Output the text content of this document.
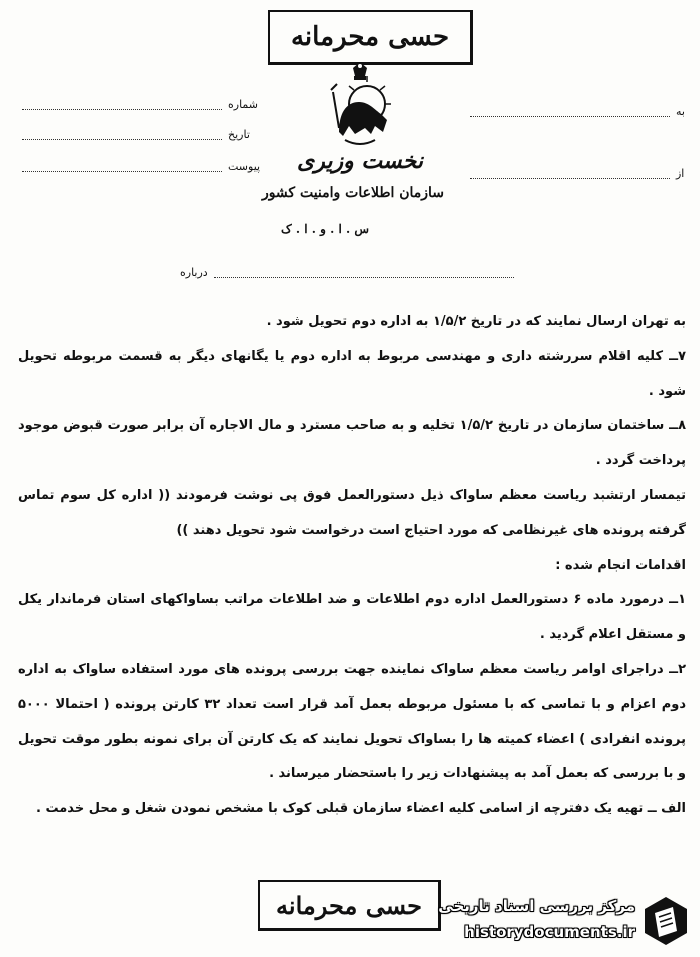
حسی محرمانه
شماره
تاریخ
پیوست
به
از
نخست وزیری
سازمان اطلاعات وامنیت کشور
س . ا . و . ا . ک
درباره

به تهران ارسال نمایند که در تاریخ ۱/۵/۲ به اداره دوم تحویل شود .

۷ــ کلیه اقلام سررشته داری و مهندسی مربوط به اداره دوم یا یگانهای دیگر به قسمت مربوطه تحویل شود .

۸ــ ساختمان سازمان در تاریخ ۱/۵/۲ تخلیه و به صاحب مسترد و مال الاجاره آن برابر صورت قبوض موجود پرداخت گردد .

تیمسار ارتشبد ریاست معظم ساواک ذیل دستورالعمل فوق پی نوشت فرمودند (( اداره کل سوم تماس گرفته پرونده های غیرنظامی که مورد احتیاج است درخواست شود تحویل دهند ))

اقدامات انجام شده :

۱ــ درمورد ماده ۶ دستورالعمل اداره دوم اطلاعات و ضد اطلاعات مراتب بساواکهای استان فرماندار یکل و مستقل اعلام گردید .

۲ــ دراجرای اوامر ریاست معظم ساواک نماینده جهت بررسی پرونده های مورد استفاده ساواک به اداره دوم اعزام و با تماسی که با مسئول مربوطه بعمل آمد قرار است تعداد ۳۲ کارتن پرونده ( احتمالا ۵۰۰۰ پرونده انفرادی ) اعضاء کمیته ها را بساواک تحویل نمایند که یک کارتن آن برای نمونه بطور موقت تحویل و با بررسی که بعمل آمد به پیشنهادات زیر را باستحضار میرساند .

الف ــ تهیه یک دفترچه از اسامی کلیه اعضاء سازمان قبلی کوک با مشخص نمودن شغل و محل خدمت .

حسی محرمانه	مرکز بررسی اسناد تاریخی
historydocuments.ir
